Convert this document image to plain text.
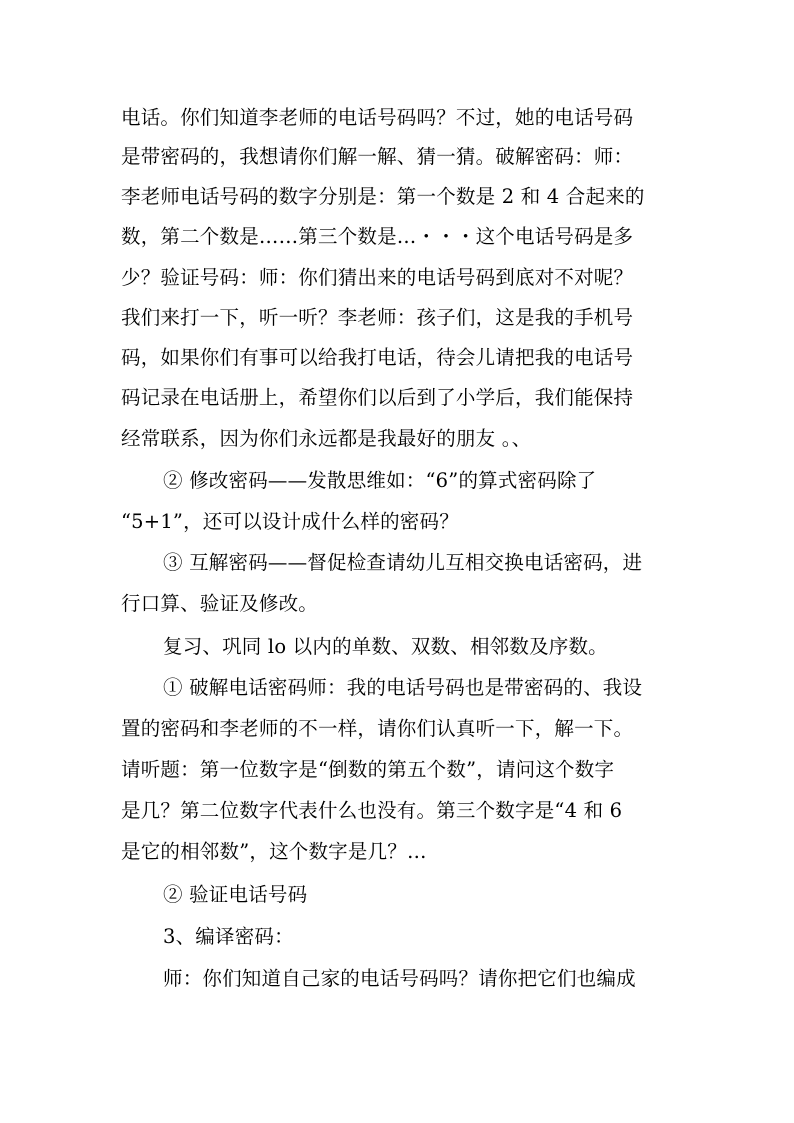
电话。你们知道李老师的电话号码吗？不过，她的电话号码
是带密码的，我想请你们解一解、猜一猜。破解密码：师：
李老师电话号码的数字分别是：第一个数是 2 和 4 合起来的
数，第二个数是……第三个数是…・・・这个电话号码是多
少？验证号码：师：你们猜出来的电话号码到底对不对呢？
我们来打一下，听一听？李老师：孩子们，这是我的手机号
码，如果你们有事可以给我打电话，待会儿请把我的电话号
码记录在电话册上，希望你们以后到了小学后，我们能保持
经常联系，因为你们永远都是我最好的朋友 。、
② 修改密码——发散思维如：“6”的算式密码除了
“5+1”，还可以设计成什么样的密码？
③ 互解密码——督促检查请幼儿互相交换电话密码，进
行口算、验证及修改。
复习、巩同 lo 以内的单数、双数、相邻数及序数。
① 破解电话密码师：我的电话号码也是带密码的、我设
置的密码和李老师的不一样，请你们认真听一下，解一下。
请听题：第一位数字是“倒数的第五个数”，请问这个数字
是几？第二位数字代表什么也没有。第三个数字是“4 和 6
是它的相邻数”，这个数字是几？…
② 验证电话号码
3、编译密码：
师：你们知道自己家的电话号码吗？请你把它们也编成
